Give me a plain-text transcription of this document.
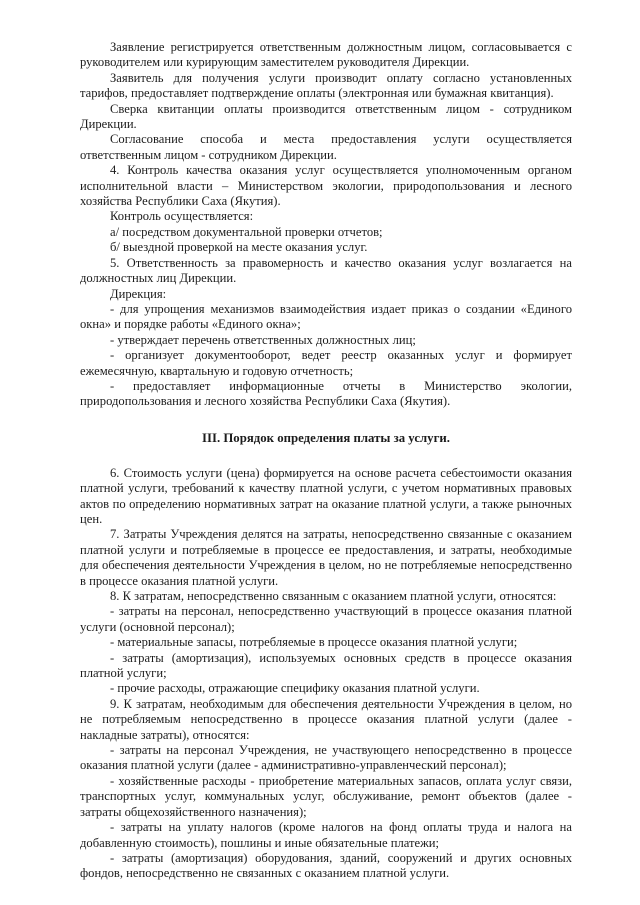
Заявление регистрируется ответственным должностным лицом, согласовывается с руководителем или курирующим заместителем руководителя Дирекции.

Заявитель для получения услуги производит оплату согласно установленных тарифов, предоставляет подтверждение оплаты (электронная или бумажная квитанция).

Сверка квитанции оплаты производится ответственным лицом - сотрудником Дирекции.

Согласование способа и места предоставления услуги осуществляется ответственным лицом - сотрудником Дирекции.

4. Контроль качества оказания услуг осуществляется уполномоченным органом исполнительной власти – Министерством экологии, природопользования и лесного хозяйства Республики Саха (Якутия).

Контроль осуществляется:

а/ посредством документальной проверки отчетов;

б/ выездной проверкой на месте оказания услуг.

5. Ответственность за правомерность и качество оказания услуг возлагается на должностных лиц Дирекции.

Дирекция:

- для упрощения механизмов взаимодействия издает приказ о создании «Единого окна» и порядке работы «Единого окна»;

- утверждает перечень ответственных должностных лиц;

- организует документооборот, ведет реестр оказанных услуг и формирует ежемесячную, квартальную и годовую отчетность;

- предоставляет информационные отчеты в Министерство экологии, природопользования и лесного хозяйства Республики Саха (Якутия).

III. Порядок определения платы за услуги.

6. Стоимость услуги (цена) формируется на основе расчета себестоимости оказания платной услуги, требований к качеству платной услуги, с учетом нормативных правовых актов по определению нормативных затрат на оказание платной услуги, а также рыночных цен.

7. Затраты Учреждения делятся на затраты, непосредственно связанные с оказанием платной услуги и потребляемые в процессе ее предоставления, и затраты, необходимые для обеспечения деятельности Учреждения в целом, но не потребляемые непосредственно в процессе оказания платной услуги.

8. К затратам, непосредственно связанным с оказанием платной услуги, относятся:

- затраты на персонал, непосредственно участвующий в процессе оказания платной услуги (основной персонал);

- материальные запасы, потребляемые в процессе оказания платной услуги;

- затраты (амортизация), используемых основных средств в процессе оказания платной услуги;

- прочие расходы, отражающие специфику оказания платной услуги.

9. К затратам, необходимым для обеспечения деятельности Учреждения в целом, но не потребляемым непосредственно в процессе оказания платной услуги (далее - накладные затраты), относятся:

- затраты на персонал Учреждения, не участвующего непосредственно в процессе оказания платной услуги (далее - административно-управленческий персонал);

- хозяйственные расходы - приобретение материальных запасов, оплата услуг связи, транспортных услуг, коммунальных услуг, обслуживание, ремонт объектов (далее - затраты общехозяйственного назначения);

- затраты на уплату налогов (кроме налогов на фонд оплаты труда и налога на добавленную стоимость), пошлины и иные обязательные платежи;

- затраты (амортизация) оборудования, зданий, сооружений и других основных фондов, непосредственно не связанных с оказанием платной услуги.
